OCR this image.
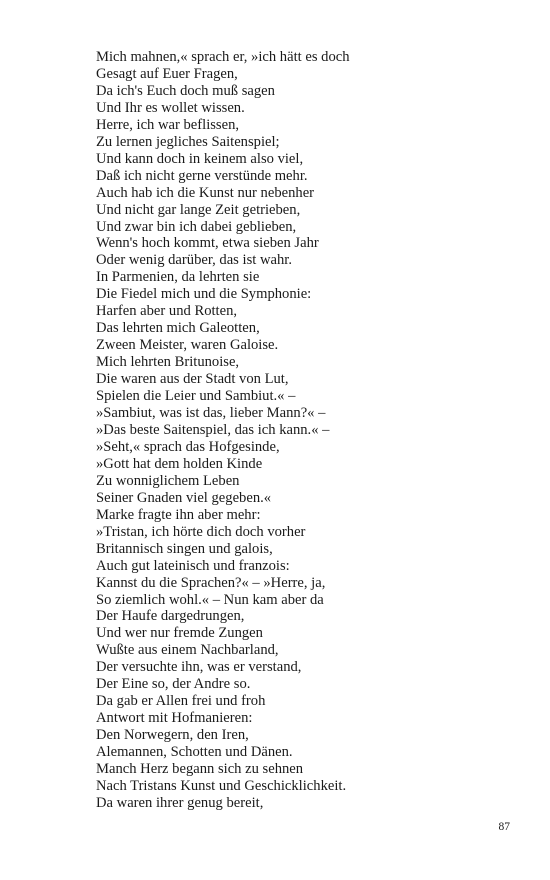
Mich mahnen,« sprach er, »ich hätt es doch
Gesagt auf Euer Fragen,
Da ich's Euch doch muß sagen
Und Ihr es wollet wissen.
Herre, ich war beflissen,
Zu lernen jegliches Saitenspiel;
Und kann doch in keinem also viel,
Daß ich nicht gerne verstünde mehr.
Auch hab ich die Kunst nur nebenher
Und nicht gar lange Zeit getrieben,
Und zwar bin ich dabei geblieben,
Wenn's hoch kommt, etwa sieben Jahr
Oder wenig darüber, das ist wahr.
In Parmenien, da lehrten sie
Die Fiedel mich und die Symphonie:
Harfen aber und Rotten,
Das lehrten mich Galeotten,
Zween Meister, waren Galoise.
Mich lehrten Britunoise,
Die waren aus der Stadt von Lut,
Spielen die Leier und Sambiut.« –
»Sambiut, was ist das, lieber Mann?« –
»Das beste Saitenspiel, das ich kann.« –
»Seht,« sprach das Hofgesinde,
»Gott hat dem holden Kinde
Zu wonniglichem Leben
Seiner Gnaden viel gegeben.«
Marke fragte ihn aber mehr:
»Tristan, ich hörte dich doch vorher
Britannisch singen und galois,
Auch gut lateinisch und franzois:
Kannst du die Sprachen?« – »Herre, ja,
So ziemlich wohl.« – Nun kam aber da
Der Haufe dargedrungen,
Und wer nur fremde Zungen
Wußte aus einem Nachbarland,
Der versuchte ihn, was er verstand,
Der Eine so, der Andre so.
Da gab er Allen frei und froh
Antwort mit Hofmanieren:
Den Norwegern, den Iren,
Alemannen, Schotten und Dänen.
Manch Herz begann sich zu sehnen
Nach Tristans Kunst und Geschicklichkeit.
Da waren ihrer genug bereit,
87
